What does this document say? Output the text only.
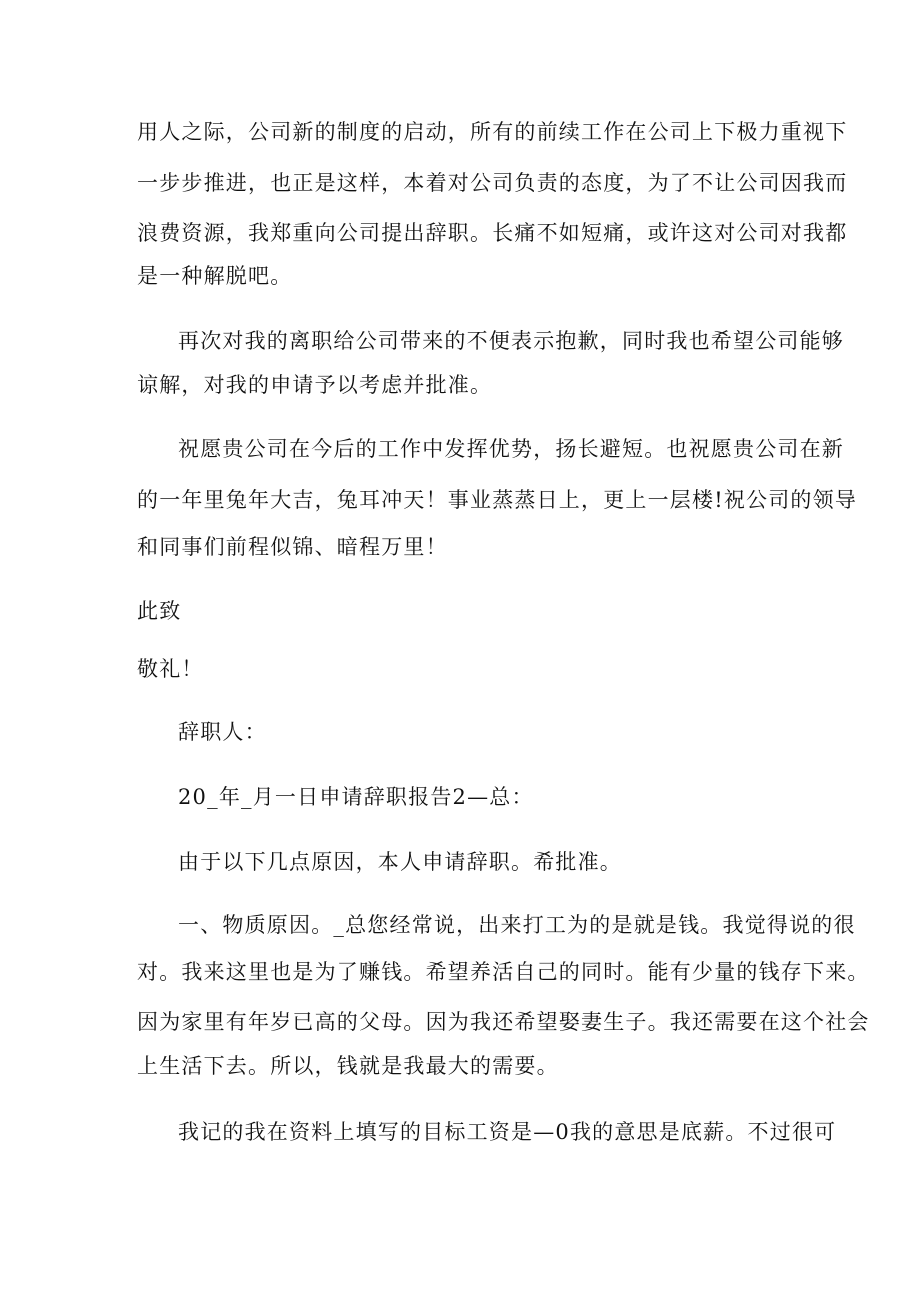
用人之际，公司新的制度的启动，所有的前续工作在公司上下极力重视下
一步步推进，也正是这样，本着对公司负责的态度，为了不让公司因我而
浪费资源，我郑重向公司提出辞职。长痛不如短痛，或许这对公司对我都
是一种解脱吧。
再次对我的离职给公司带来的不便表示抱歉，同时我也希望公司能够
谅解，对我的申请予以考虑并批准。
祝愿贵公司在今后的工作中发挥优势，扬长避短。也祝愿贵公司在新
的一年里兔年大吉，兔耳冲天！事业蒸蒸日上，更上一层楼!祝公司的领导
和同事们前程似锦、暗程万里！
此致
敬礼！
辞职人：
20_年_月一日申请辞职报告2—总：
由于以下几点原因，本人申请辞职。希批准。
一、物质原因。_总您经常说，出来打工为的是就是钱。我觉得说的很
对。我来这里也是为了赚钱。希望养活自己的同时。能有少量的钱存下来。
因为家里有年岁已高的父母。因为我还希望娶妻生子。我还需要在这个社会
上生活下去。所以，钱就是我最大的需要。
我记的我在资料上填写的目标工资是—0我的意思是底薪。不过很可
